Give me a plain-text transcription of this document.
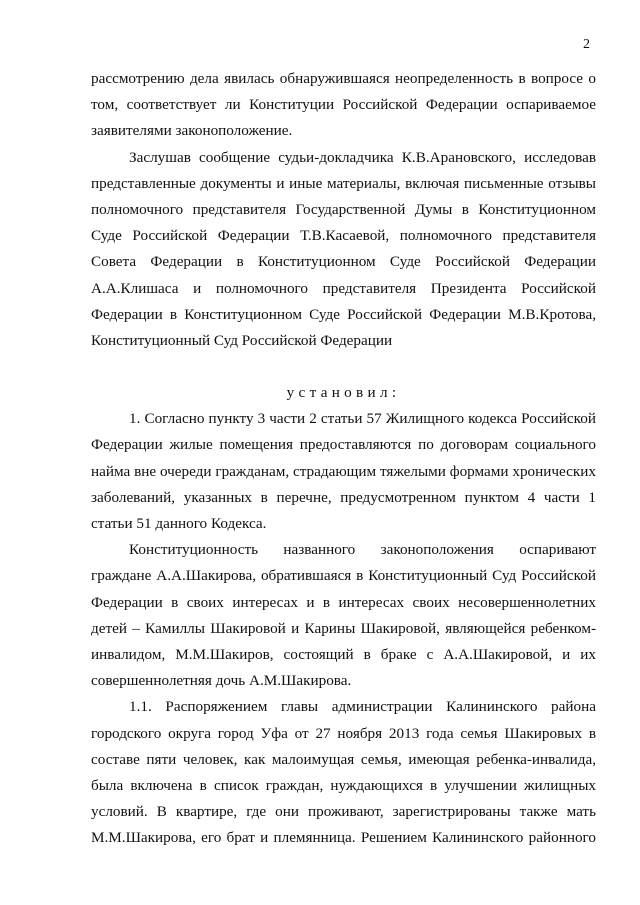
2
рассмотрению дела явилась обнаружившаяся неопределенность в вопросе о
том, соответствует ли Конституции Российской Федерации оспариваемое
заявителями законоположение.
Заслушав сообщение судьи-докладчика К.В.Арановского, исследовав
представленные документы и иные материалы, включая письменные отзывы
полномочного представителя Государственной Думы в Конституционном
Суде Российской Федерации Т.В.Касаевой, полномочного представителя
Совета Федерации в Конституционном Суде Российской Федерации
А.А.Клишаса и полномочного представителя Президента Российской
Федерации в Конституционном Суде Российской Федерации М.В.Кротова,
Конституционный Суд Российской Федерации
установил:
1. Согласно пункту 3 части 2 статьи 57 Жилищного кодекса Российской
Федерации жилые помещения предоставляются по договорам социального
найма вне очереди гражданам, страдающим тяжелыми формами хронических
заболеваний, указанных в перечне, предусмотренном пунктом 4 части 1
статьи 51 данного Кодекса.
Конституционность названного законоположения оспаривают
граждане А.А.Шакирова, обратившаяся в Конституционный Суд Российской
Федерации в своих интересах и в интересах своих несовершеннолетних
детей – Камиллы Шакировой и Карины Шакировой, являющейся ребенком-
инвалидом, М.М.Шакиров, состоящий в браке с А.А.Шакировой, и их
совершеннолетняя дочь А.М.Шакирова.
1.1. Распоряжением главы администрации Калининского района
городского округа город Уфа от 27 ноября 2013 года семья Шакировых в
составе пяти человек, как малоимущая семья, имеющая ребенка-инвалида,
была включена в список граждан, нуждающихся в улучшении жилищных
условий. В квартире, где они проживают, зарегистрированы также мать
М.М.Шакирова, его брат и племянница. Решением Калининского районного
